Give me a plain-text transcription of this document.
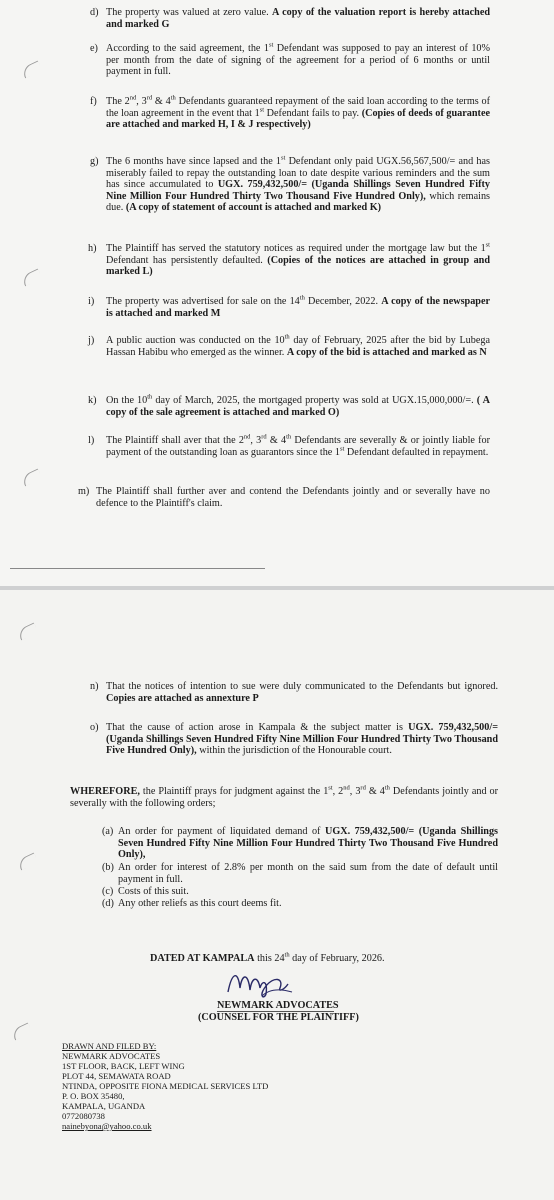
d) The property was valued at zero value. A copy of the valuation report is hereby attached and marked G
e) According to the said agreement, the 1st Defendant was supposed to pay an interest of 10% per month from the date of signing of the agreement for a period of 6 months or until payment in full.
f) The 2nd, 3rd & 4th Defendants guaranteed repayment of the said loan according to the terms of the loan agreement in the event that 1st Defendant fails to pay. (Copies of deeds of guarantee are attached and marked H, I & J respectively)
g) The 6 months have since lapsed and the 1st Defendant only paid UGX.56,567,500/= and has miserably failed to repay the outstanding loan to date despite various reminders and the sum has since accumulated to UGX. 759,432,500/= (Uganda Shillings Seven Hundred Fifty Nine Million Four Hundred Thirty Two Thousand Five Hundred Only), which remains due. (A copy of statement of account is attached and marked K)
h) The Plaintiff has served the statutory notices as required under the mortgage law but the 1st Defendant has persistently defaulted. (Copies of the notices are attached in group and marked L)
i) The property was advertised for sale on the 14th December, 2022. A copy of the newspaper is attached and marked M
j) A public auction was conducted on the 10th day of February, 2025 after the bid by Lubega Hassan Habibu who emerged as the winner. A copy of the bid is attached and marked as N
k) On the 10th day of March, 2025, the mortgaged property was sold at UGX.15,000,000/=. ( A copy of the sale agreement is attached and marked O)
l) The Plaintiff shall aver that the 2nd, 3rd & 4th Defendants are severally & or jointly liable for payment of the outstanding loan as guarantors since the 1st Defendant defaulted in repayment.
m) The Plaintiff shall further aver and contend the Defendants jointly and or severally have no defence to the Plaintiff's claim.
n) That the notices of intention to sue were duly communicated to the Defendants but ignored. Copies are attached as annexture P
o) That the cause of action arose in Kampala & the subject matter is UGX. 759,432,500/= (Uganda Shillings Seven Hundred Fifty Nine Million Four Hundred Thirty Two Thousand Five Hundred Only), within the jurisdiction of the Honourable court.
WHEREFORE, the Plaintiff prays for judgment against the 1st, 2nd, 3rd & 4th Defendants jointly and or severally with the following orders;
(a) An order for payment of liquidated demand of UGX. 759,432,500/= (Uganda Shillings Seven Hundred Fifty Nine Million Four Hundred Thirty Two Thousand Five Hundred Only),
(b) An order for interest of 2.8% per month on the said sum from the date of default until payment in full.
(c) Costs of this suit.
(d) Any other reliefs as this court deems fit.
DATED AT KAMPALA this 24th day of February, 2026.
NEWMARK ADVOCATES
(COUNSEL FOR THE PLAINTIFF)
DRAWN AND FILED BY:
NEWMARK ADVOCATES
1ST FLOOR, BACK, LEFT WING
PLOT 44, SEMAWATA ROAD
NTINDA, OPPOSITE FIONA MEDICAL SERVICES LTD
P. O. BOX 35480,
KAMPALA, UGANDA
0772080738
nainebyona@yahoo.co.uk
